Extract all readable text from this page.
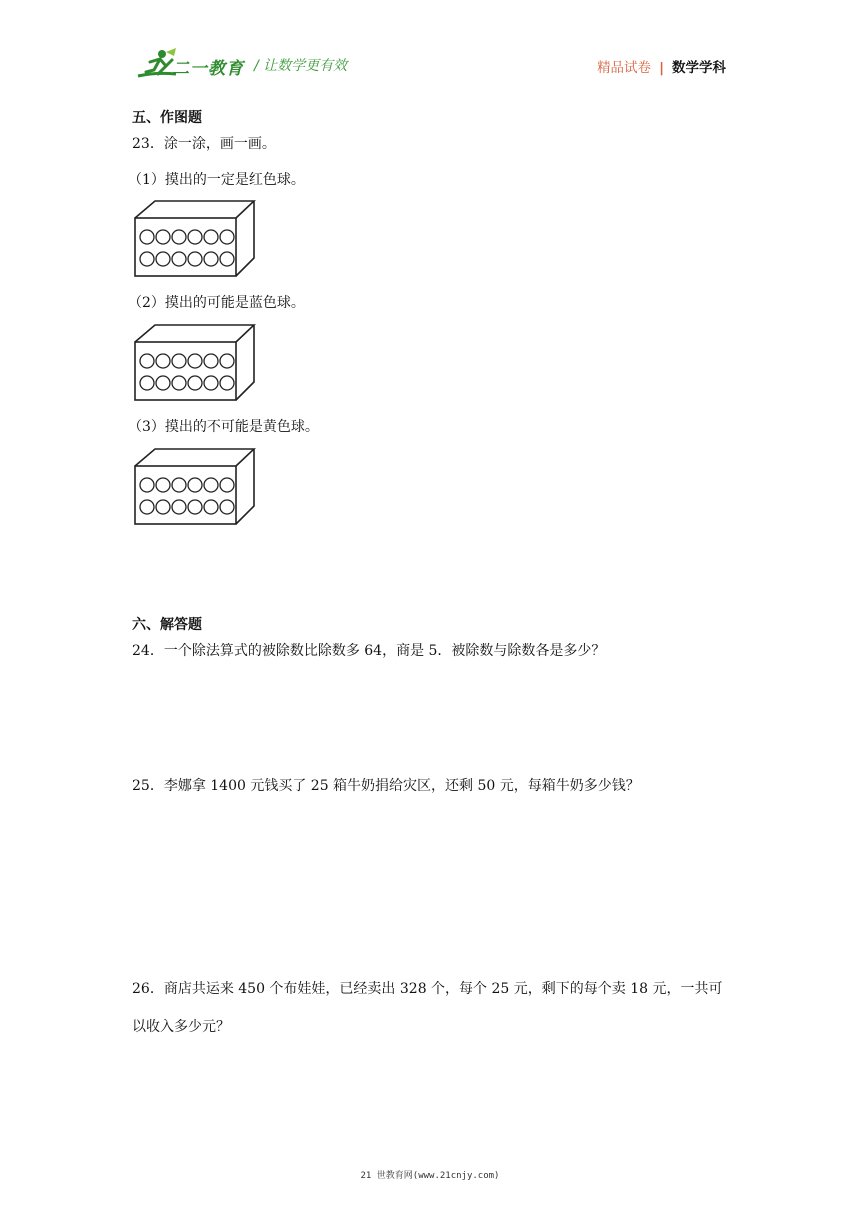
二一教育 / 让数学更有效	精品试卷 | 数学学科
五、作图题
23．涂一涂，画一画。
（1）摸出的一定是红色球。
（2）摸出的可能是蓝色球。
（3）摸出的不可能是黄色球。
六、解答题
24．一个除法算式的被除数比除数多 64，商是 5．被除数与除数各是多少？
25．李娜拿 1400 元钱买了 25 箱牛奶捐给灾区，还剩 50 元，每箱牛奶多少钱？
26．商店共运来 450 个布娃娃，已经卖出 328 个，每个 25 元，剩下的每个卖 18 元，一共可
以收入多少元？
21 世教育网(www.21cnjy.com)
